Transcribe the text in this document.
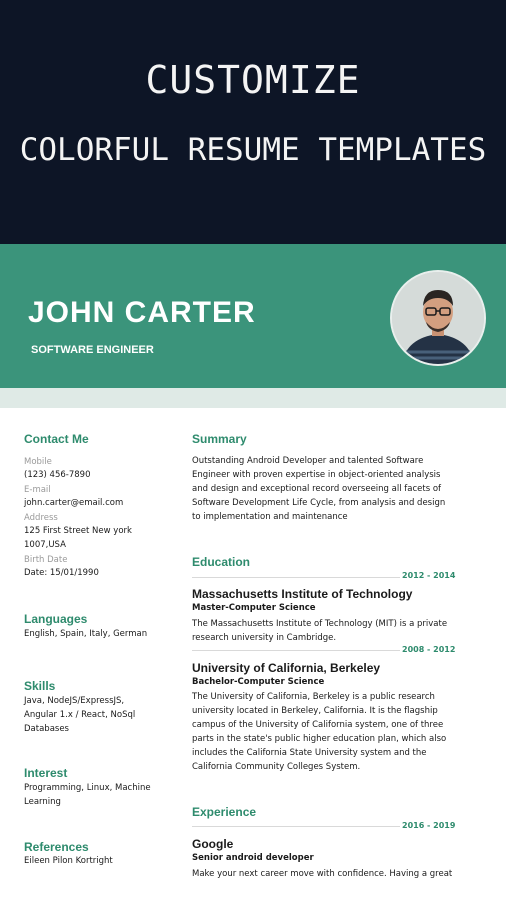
CUSTOMIZE
COLORFUL RESUME TEMPLATES
JOHN CARTER
SOFTWARE ENGINEER
Contact Me
Mobile
(123) 456-7890
E-mail
john.carter@email.com
Address
125 First Street New york
1007,USA
Birth Date
Date: 15/01/1990
Languages
English, Spain, Italy, German
Skills
Java, NodeJS/ExpressJS,
Angular 1.x / React, NoSql
Databases
Interest
Programming, Linux, Machine
Learning
References
Eileen Pilon Kortright
Summary
Outstanding Android Developer and talented Software
Engineer with proven expertise in object-oriented analysis
and design and exceptional record overseeing all facets of
Software Development Life Cycle, from analysis and design
to implementation and maintenance
Education
2012 - 2014
Massachusetts Institute of Technology
Master-Computer Science
The Massachusetts Institute of Technology (MIT) is a private
research university in Cambridge.
2008 - 2012
University of California, Berkeley
Bachelor-Computer Science
The University of California, Berkeley is a public research
university located in Berkeley, California. It is the flagship
campus of the University of California system, one of three
parts in the state's public higher education plan, which also
includes the California State University system and the
California Community Colleges System.
Experience
2016 - 2019
Google
Senior android developer
Make your next career move with confidence. Having a great
